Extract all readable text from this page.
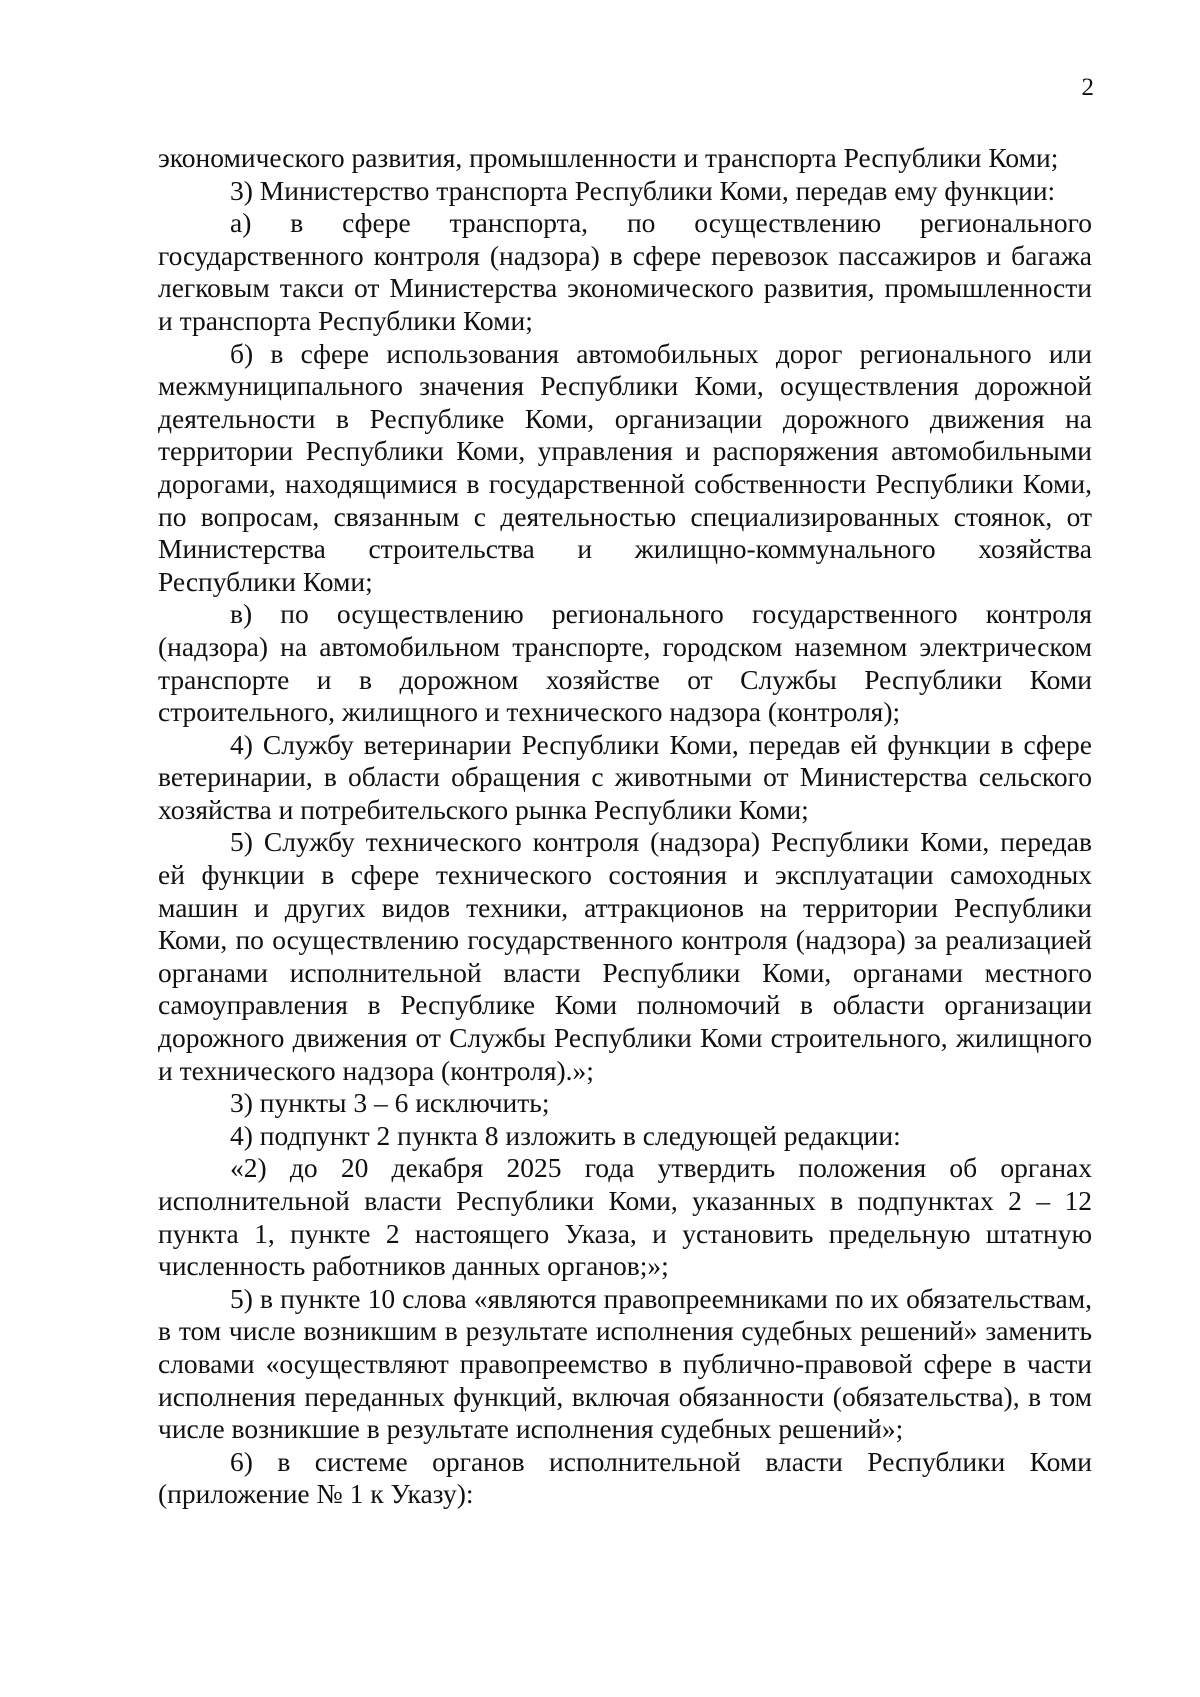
2

экономического развития, промышленности и транспорта Республики Коми;

3) Министерство транспорта Республики Коми, передав ему функции:

а) в сфере транспорта, по осуществлению регионального государственного контроля (надзора) в сфере перевозок пассажиров и багажа легковым такси от Министерства экономического развития, промышленности и транспорта Республики Коми;

б) в сфере использования автомобильных дорог регионального или межмуниципального значения Республики Коми, осуществления дорожной деятельности в Республике Коми, организации дорожного движения на территории Республики Коми, управления и распоряжения автомобильными дорогами, находящимися в государственной собственности Республики Коми, по вопросам, связанным с деятельностью специализированных стоянок, от Министерства строительства и жилищно-коммунального хозяйства Республики Коми;

в) по осуществлению регионального государственного контроля (надзора) на автомобильном транспорте, городском наземном электрическом транспорте и в дорожном хозяйстве от Службы Республики Коми строительного, жилищного и технического надзора (контроля);

4) Службу ветеринарии Республики Коми, передав ей функции в сфере ветеринарии, в области обращения с животными от Министерства сельского хозяйства и потребительского рынка Республики Коми;

5) Службу технического контроля (надзора) Республики Коми, передав ей функции в сфере технического состояния и эксплуатации самоходных машин и других видов техники, аттракционов на территории Республики Коми, по осуществлению государственного контроля (надзора) за реализацией органами исполнительной власти Республики Коми, органами местного самоуправления в Республике Коми полномочий в области организации дорожного движения от Службы Республики Коми строительного, жилищного и технического надзора (контроля).»;

3) пункты 3 – 6 исключить;

4) подпункт 2 пункта 8 изложить в следующей редакции:

«2) до 20 декабря 2025 года утвердить положения об органах исполнительной власти Республики Коми, указанных в подпунктах 2 – 12 пункта 1, пункте 2 настоящего Указа, и установить предельную штатную численность работников данных органов;»;

5) в пункте 10 слова «являются правопреемниками по их обязательствам, в том числе возникшим в результате исполнения судебных решений» заменить словами «осуществляют правопреемство в публично-правовой сфере в части исполнения переданных функций, включая обязанности (обязательства), в том числе возникшие в результате исполнения судебных решений»;

6) в системе органов исполнительной власти Республики Коми (приложение № 1 к Указу):
